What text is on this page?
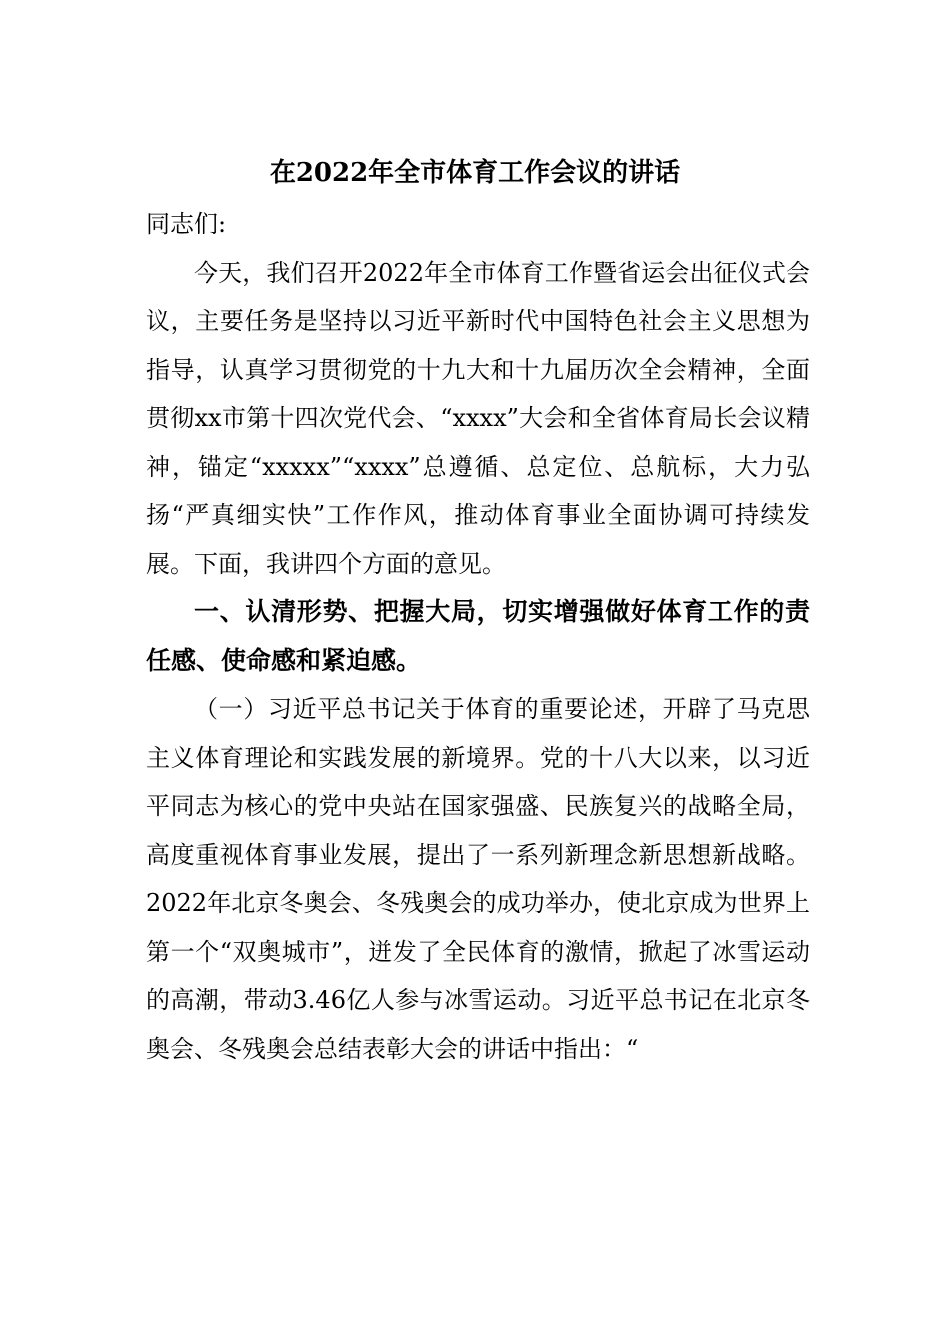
在2022年全市体育工作会议的讲话

同志们:

今天，我们召开2022年全市体育工作暨省运会出征仪式会议，主要任务是坚持以习近平新时代中国特色社会主义思想为指导，认真学习贯彻党的十九大和十九届历次全会精神，全面贯彻xx市第十四次党代会、“xxxx”大会和全省体育局长会议精神，锚定“xxxxx”“xxxx”总遵循、总定位、总航标，大力弘扬“严真细实快”工作作风，推动体育事业全面协调可持续发展。下面，我讲四个方面的意见。

一、认清形势、把握大局，切实增强做好体育工作的责任感、使命感和紧迫感。

（一）习近平总书记关于体育的重要论述，开辟了马克思主义体育理论和实践发展的新境界。党的十八大以来，以习近平同志为核心的党中央站在国家强盛、民族复兴的战略全局，高度重视体育事业发展，提出了一系列新理念新思想新战略。2022年北京冬奥会、冬残奥会的成功举办，使北京成为世界上第一个“双奥城市”，迸发了全民体育的激情，掀起了冰雪运动的高潮，带动3.46亿人参与冰雪运动。习近平总书记在北京冬奥会、冬残奥会总结表彰大会的讲话中指出：“
